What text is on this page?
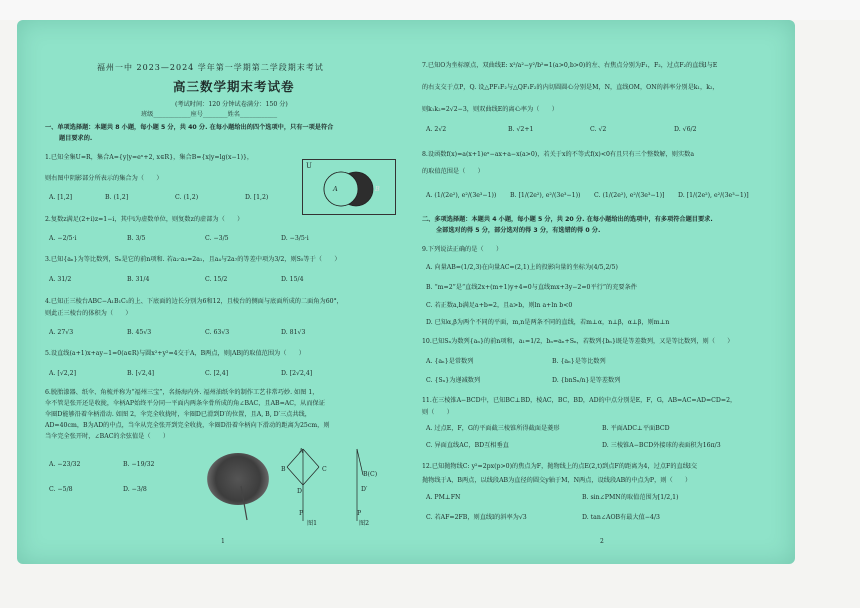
福州一中 2023—2024 学年第一学期第二学段期末考试
高三数学期末考试卷
(考试时间：120 分钟试卷满分：150 分)
班级____________座号________姓名____________
一、单项选择题：本题共 8 小题，每小题 5 分，共 40 分. 在每小题给出的四个选项中，只有一项是符合
题目要求的.
1.已知全集U=R，集合A={y|y=eˣ+2, x∈R}，集合B={x|y=lg(x−1)}，
则右图中阴影部分所表示的集合为（　　）
A. [1,2]	B. (1,2]	C. (1,2)	D. [1,2)
U
A	B
2.复数z满足(2+i)z=1−i，其中i为虚数单位，则复数z的虚部为（　　）
A. −2/5·i	B. 3/5	C. −3/5	D. −3/5·i
3.已知{aₙ}为等比数列，Sₙ是它的前n项和. 若a₂·a₃=2a₁，且a₄与2a₇的等差中项为3/2，则S₅等于（　　）
A. 31/2	B. 31/4	C. 15/2	D. 15/4
4.已知正三棱台ABC−A₁B₁C₁的上、下底面的边长分别为6和12，且棱台的侧面与底面所成的二面角为60°，
则此正三棱台的体积为（　　）
A. 27√3	B. 45√3	C. 63√3	D. 81√3
5.设直线(a+1)x+ay−1=0(a∈R)与圆x²+y²=4交于A，B两点，则|AB|的取值范围为（　　）
A. [√2,2]	B. [√2,4]	C. [2,4]	D. [2√2,4]
6.脱胎漆器、纸伞、角梳并称为“福州三宝”，名扬海内外. 福州油纸伞的制作工艺非常巧妙. 如图 1，
伞不管是张开还是收拢，伞柄AP始终平分同一平面内两条伞骨所成的角∠BAC，且AB=AC，从而保证
伞圈D能够沿着伞柄滑动. 如图 2，伞完全收拢时，伞圈D已滑到D′的位置，且A, B, D′三点共线，
AD=40cm，B为AD的中点，当伞从完全张开到完全收拢，伞圈D沿着伞柄向下滑动的距离为25cm，则
当伞完全张开时，∠BAC的余弦值是（　　）
A. −23/32	B. −19/32
C. −5/8	D. −3/8
图1
A
B	C
D
P
B(C)
D′
P
图2
1
7.已知O为坐标原点，双曲线E: x²/a²−y²/b²=1(a>0,b>0)的左、右焦点分别为F₁，F₂，过点F₂的直线l与E
的右支交于点P，Q. 设△PF₁F₂与△QF₁F₂的内切圆圆心分别是M，N，直线OM，ON的斜率分别是k₁，k₂，
则k₁k₂=2√2−3，则双曲线E的离心率为（　　）
A. 2√2	B. √2+1	C. √2	D. √6/2
8.设函数f(x)=a(x+1)eˣ−ax+a−x(a>0)，若关于x的不等式f(x)<0有且只有三个整数解，则实数a
的取值范围是（　　）
A. (1/(2e²), e²/(3e³−1)) B. [1/(2e²), e²/(3e³−1)) C. (1/(2e²), e²/(3e³−1)] D. [1/(2e²), e²/(3e³−1)]
二、多项选择题：本题共 4 小题，每小题 5 分，共 20 分. 在每小题给出的选项中，有多项符合题目要求.
全部选对的得 5 分，部分选对的得 3 分，有选错的得 0 分.
9.下列说法正确的是（　　）
A. 向量AB=(1/2,3)在向量AC=(2,1)上的投影向量的坐标为(4/5,2/5)
B. “m=2”是“直线2x+(m+1)y+4=0与直线mx+3y−2=0平行”的充要条件
C. 若正数a,b满足a+b=2，且a>b，则ln a+ln b<0
D. 已知α,β为两个不同的平面，m,n是两条不同的直线，若m⊥α，n⊥β，α⊥β，则m⊥n
10.已知Sₙ为数列{aₙ}的前n项和，a₁=1/2，bₙ=aₙ+Sₙ，若数列{bₙ}既是等差数列，又是等比数列，则（　　）
A. {aₙ}是常数列	B. {aₙ}是等比数列
C. {Sₙ}为递减数列	D. {bnSₙ/n}是等差数列
11.在三棱锥A−BCD中，已知BC⊥BD，棱AC，BC，BD，AD的中点分别是E，F，G，AB=AC=AD=CD=2，
则（　　）
A. 过点E，F，G的平面截三棱锥所得截面是菱形	B. 平面ADC⊥平面BCD
C. 异面直线AC，BD互相垂直	D. 三棱锥A−BCD外接球的表面积为16π/3
12.已知抛物线C: y²=2px(p>0)的焦点为F，抛物线上的点E(2,t)到点F的距离为4，过点F的直线l交
抛物线于A，B两点，以线段AB为直径的圆交y轴于M，N两点，设线段AB的中点为P，则（　　）
A. PM⊥FN	B. sin∠PMN的取值范围为[1/2,1)
C. 若AF=2FB，则直线l的斜率为√3	D. tan∠AOB有最大值−4/3
2
